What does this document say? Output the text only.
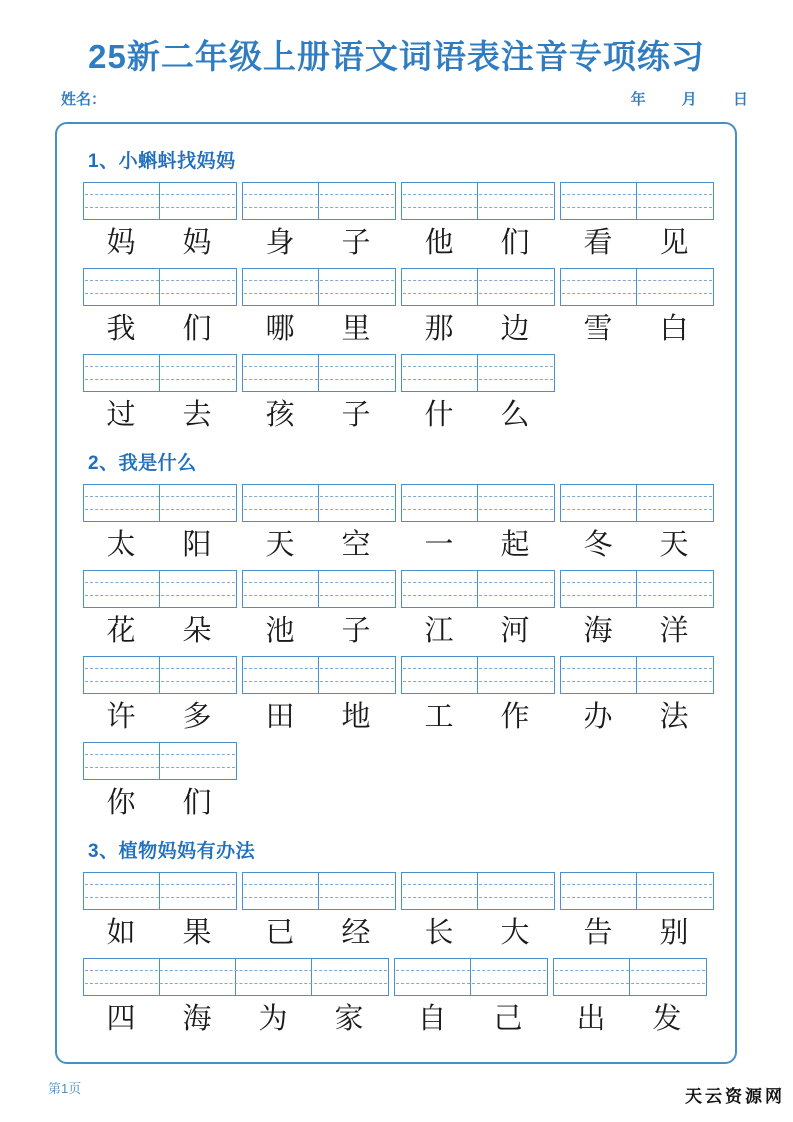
25新二年级上册语文词语表注音专项练习
姓名：	年 月 日
1、小蝌蚪找妈妈
妈	妈	身	子	他	们	看	见
我	们	哪	里	那	边	雪	白
过	去	孩	子	什	么
2、我是什么
太	阳	天	空	一	起	冬	天
花	朵	池	子	江	河	海	洋
许	多	田	地	工	作	办	法
你	们
3、植物妈妈有办法
如	果	已	经	长	大	告	别
四	海	为	家	自	己	出	发
第1页	天云资源网
